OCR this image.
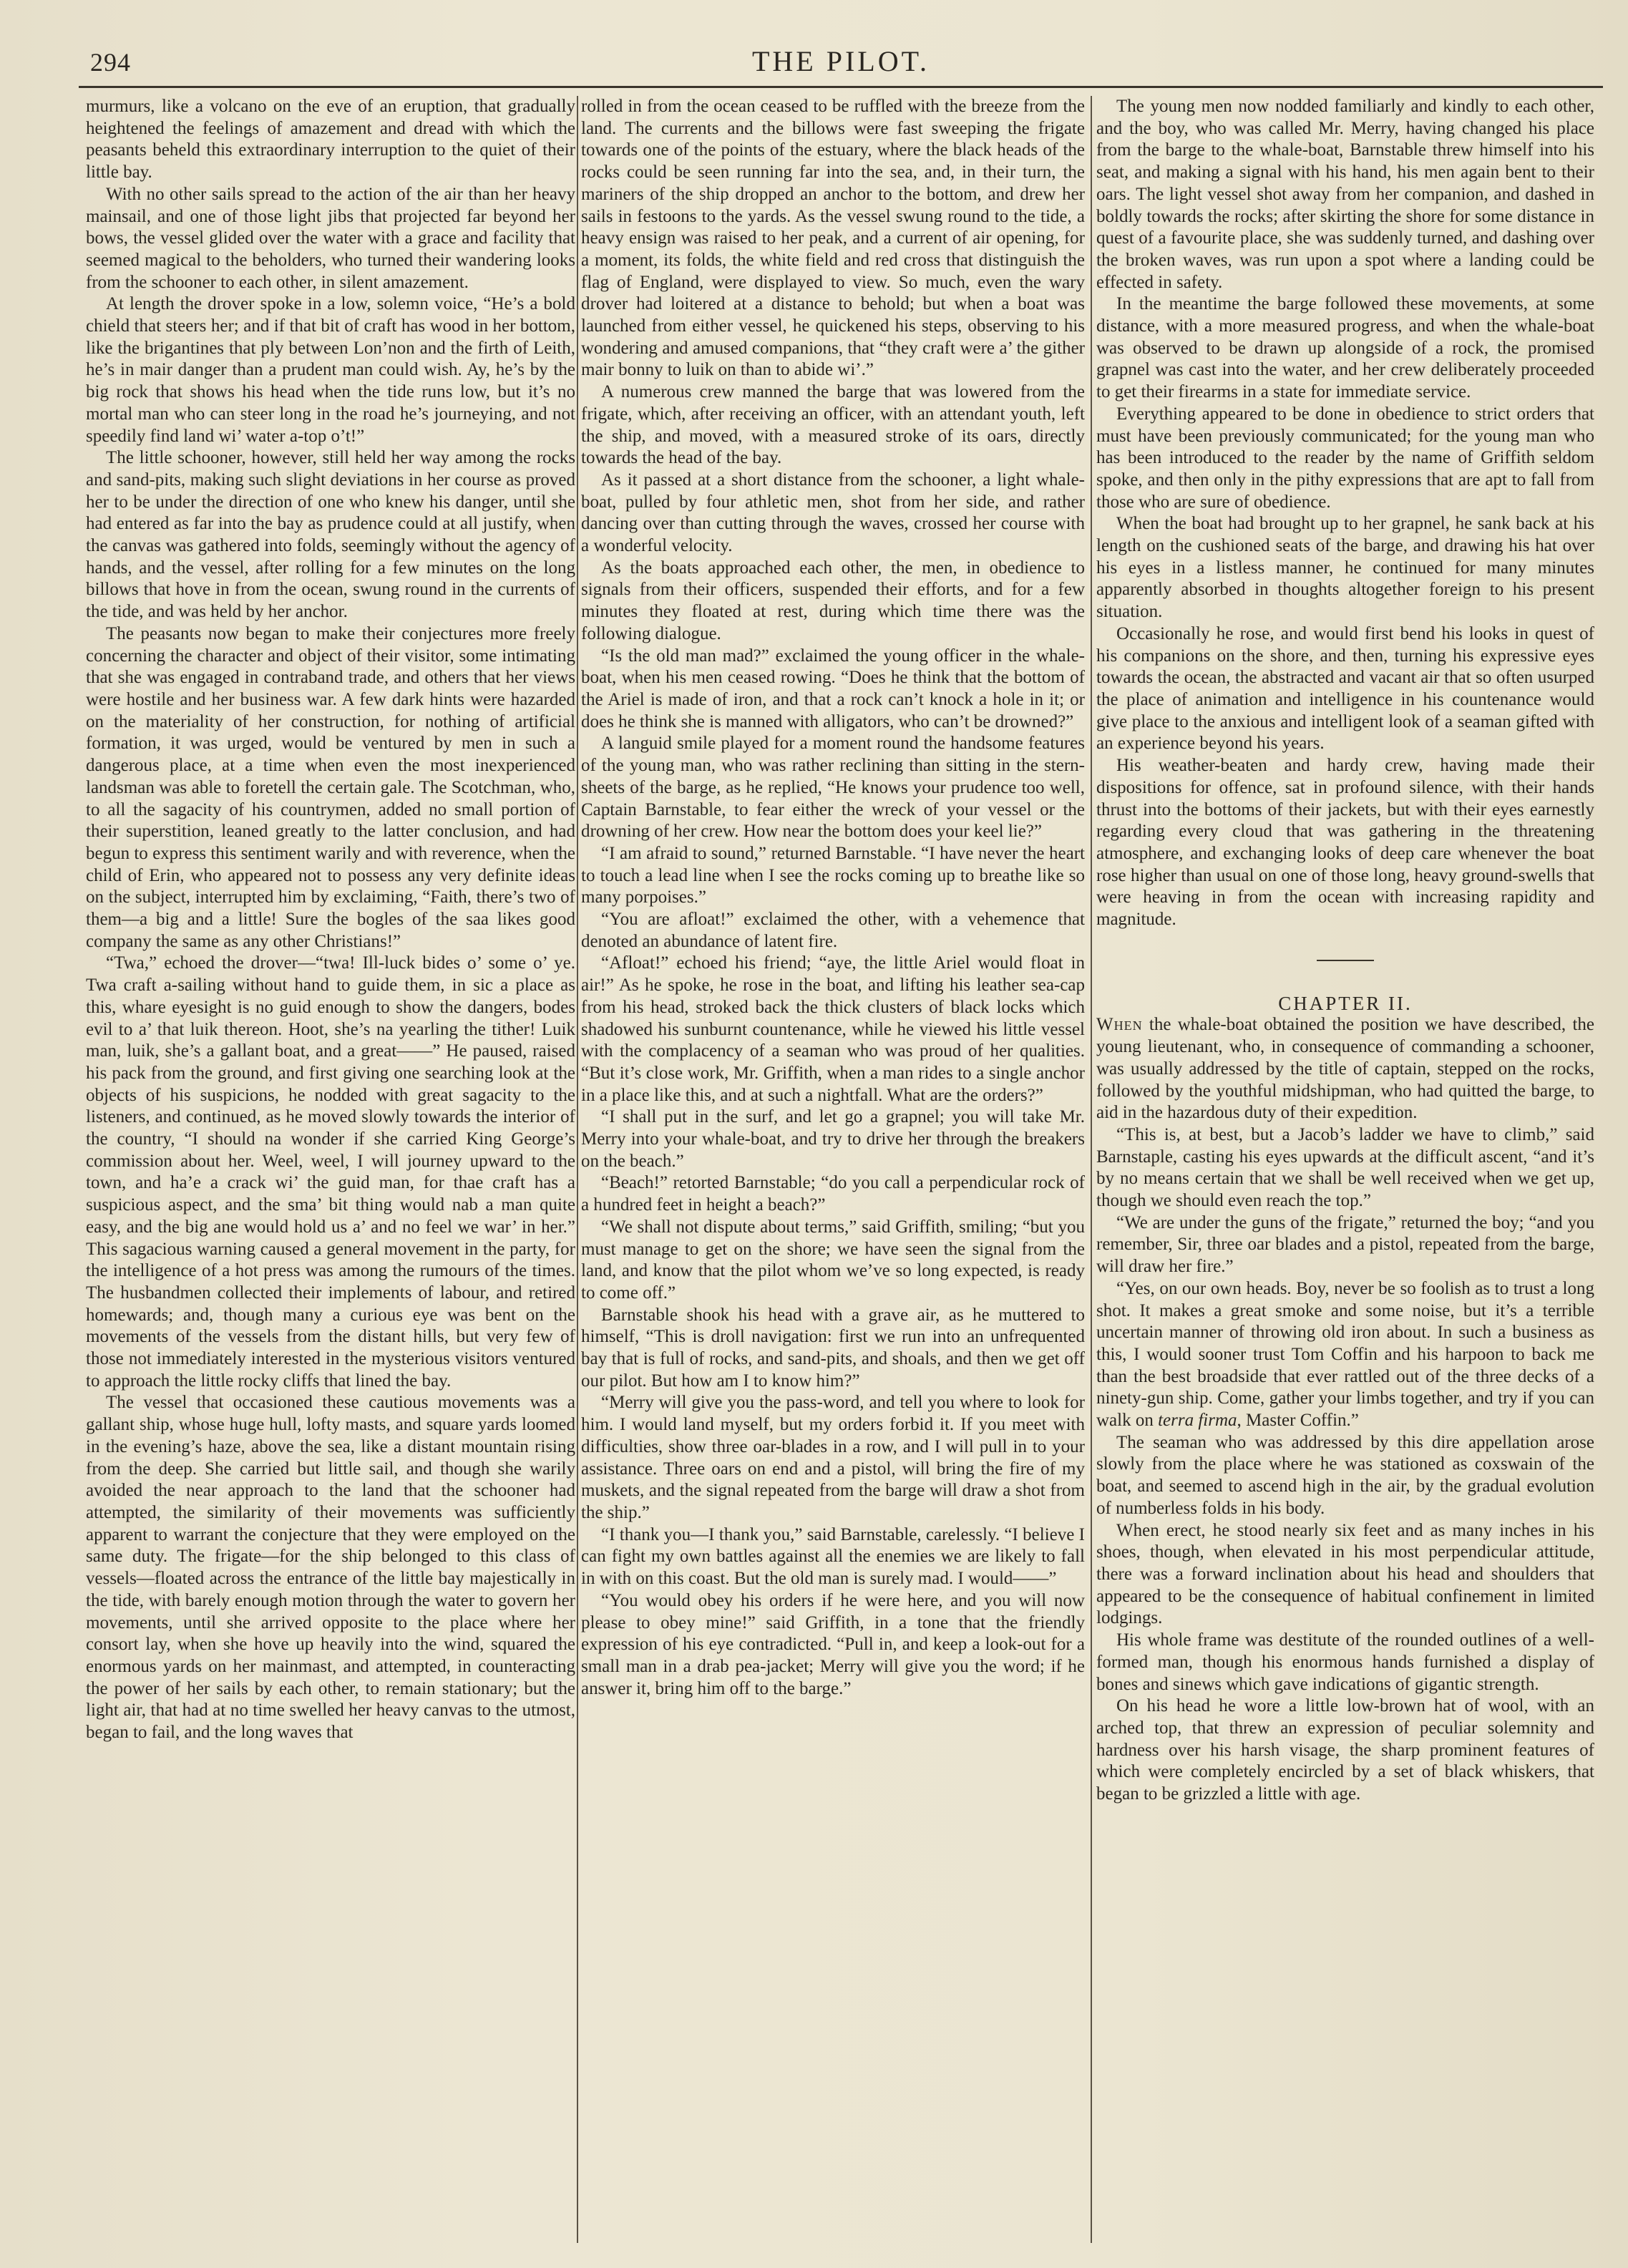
294	THE PILOT.

murmurs, like a volcano on the eve of an eruption, that gradually heightened the feelings of amazement and dread with which the peasants beheld this extraordinary interruption to the quiet of their little bay.

With no other sails spread to the action of the air than her heavy mainsail, and one of those light jibs that projected far beyond her bows, the vessel glided over the water with a grace and facility that seemed magical to the beholders, who turned their wandering looks from the schooner to each other, in silent amazement.

At length the drover spoke in a low, solemn voice, “He’s a bold chield that steers her; and if that bit of craft has wood in her bottom, like the brigantines that ply between Lon’non and the firth of Leith, he’s in mair danger than a prudent man could wish. Ay, he’s by the big rock that shows his head when the tide runs low, but it’s no mortal man who can steer long in the road he’s journeying, and not speedily find land wi’ water a-top o’t!”

The little schooner, however, still held her way among the rocks and sand-pits, making such slight deviations in her course as proved her to be under the direction of one who knew his danger, until she had entered as far into the bay as prudence could at all justify, when the canvas was gathered into folds, seemingly without the agency of hands, and the vessel, after rolling for a few minutes on the long billows that hove in from the ocean, swung round in the currents of the tide, and was held by her anchor.

The peasants now began to make their conjectures more freely concerning the character and object of their visitor, some intimating that she was engaged in contraband trade, and others that her views were hostile and her business war. A few dark hints were hazarded on the materiality of her construction, for nothing of artificial formation, it was urged, would be ventured by men in such a dangerous place, at a time when even the most inexperienced landsman was able to foretell the certain gale. The Scotchman, who, to all the sagacity of his countrymen, added no small portion of their superstition, leaned greatly to the latter conclusion, and had begun to express this sentiment warily and with reverence, when the child of Erin, who appeared not to possess any very definite ideas on the subject, interrupted him by exclaiming, “Faith, there’s two of them—a big and a little! Sure the bogles of the saa likes good company the same as any other Christians!”

“Twa,” echoed the drover—“twa! Ill-luck bides o’ some o’ ye. Twa craft a-sailing without hand to guide them, in sic a place as this, whare eyesight is no guid enough to show the dangers, bodes evil to a’ that luik thereon. Hoot, she’s na yearling the tither! Luik man, luik, she’s a gallant boat, and a great——” He paused, raised his pack from the ground, and first giving one searching look at the objects of his suspicions, he nodded with great sagacity to the listeners, and continued, as he moved slowly towards the interior of the country, “I should na wonder if she carried King George’s commission about her. Weel, weel, I will journey upward to the town, and ha’e a crack wi’ the guid man, for thae craft has a suspicious aspect, and the sma’ bit thing would nab a man quite easy, and the big ane would hold us a’ and no feel we war’ in her.” This sagacious warning caused a general movement in the party, for the intelligence of a hot press was among the rumours of the times. The husbandmen collected their implements of labour, and retired homewards; and, though many a curious eye was bent on the movements of the vessels from the distant hills, but very few of those not immediately interested in the mysterious visitors ventured to approach the little rocky cliffs that lined the bay.

The vessel that occasioned these cautious movements was a gallant ship, whose huge hull, lofty masts, and square yards loomed in the evening’s haze, above the sea, like a distant mountain rising from the deep. She carried but little sail, and though she warily avoided the near approach to the land that the schooner had attempted, the similarity of their movements was sufficiently apparent to warrant the conjecture that they were employed on the same duty. The frigate—for the ship belonged to this class of vessels—floated across the entrance of the little bay majestically in the tide, with barely enough motion through the water to govern her movements, until she arrived opposite to the place where her consort lay, when she hove up heavily into the wind, squared the enormous yards on her mainmast, and attempted, in counteracting the power of her sails by each other, to remain stationary; but the light air, that had at no time swelled her heavy canvas to the utmost, began to fail, and the long waves that

rolled in from the ocean ceased to be ruffled with the breeze from the land. The currents and the billows were fast sweeping the frigate towards one of the points of the estuary, where the black heads of the rocks could be seen running far into the sea, and, in their turn, the mariners of the ship dropped an anchor to the bottom, and drew her sails in festoons to the yards. As the vessel swung round to the tide, a heavy ensign was raised to her peak, and a current of air opening, for a moment, its folds, the white field and red cross that distinguish the flag of England, were displayed to view. So much, even the wary drover had loitered at a distance to behold; but when a boat was launched from either vessel, he quickened his steps, observing to his wondering and amused companions, that “they craft were a’ the gither mair bonny to luik on than to abide wi’.”

A numerous crew manned the barge that was lowered from the frigate, which, after receiving an officer, with an attendant youth, left the ship, and moved, with a measured stroke of its oars, directly towards the head of the bay.

As it passed at a short distance from the schooner, a light whale-boat, pulled by four athletic men, shot from her side, and rather dancing over than cutting through the waves, crossed her course with a wonderful velocity.

As the boats approached each other, the men, in obedience to signals from their officers, suspended their efforts, and for a few minutes they floated at rest, during which time there was the following dialogue.

“Is the old man mad?” exclaimed the young officer in the whale-boat, when his men ceased rowing. “Does he think that the bottom of the Ariel is made of iron, and that a rock can’t knock a hole in it; or does he think she is manned with alligators, who can’t be drowned?”

A languid smile played for a moment round the handsome features of the young man, who was rather reclining than sitting in the stern-sheets of the barge, as he replied, “He knows your prudence too well, Captain Barnstable, to fear either the wreck of your vessel or the drowning of her crew. How near the bottom does your keel lie?”

“I am afraid to sound,” returned Barnstable. “I have never the heart to touch a lead line when I see the rocks coming up to breathe like so many porpoises.”

“You are afloat!” exclaimed the other, with a vehemence that denoted an abundance of latent fire.

“Afloat!” echoed his friend; “aye, the little Ariel would float in air!” As he spoke, he rose in the boat, and lifting his leather sea-cap from his head, stroked back the thick clusters of black locks which shadowed his sunburnt countenance, while he viewed his little vessel with the complacency of a seaman who was proud of her qualities. “But it’s close work, Mr. Griffith, when a man rides to a single anchor in a place like this, and at such a nightfall. What are the orders?”

“I shall put in the surf, and let go a grapnel; you will take Mr. Merry into your whale-boat, and try to drive her through the breakers on the beach.”

“Beach!” retorted Barnstable; “do you call a perpendicular rock of a hundred feet in height a beach?”

“We shall not dispute about terms,” said Griffith, smiling; “but you must manage to get on the shore; we have seen the signal from the land, and know that the pilot whom we’ve so long expected, is ready to come off.”

Barnstable shook his head with a grave air, as he muttered to himself, “This is droll navigation: first we run into an unfrequented bay that is full of rocks, and sand-pits, and shoals, and then we get off our pilot. But how am I to know him?”

“Merry will give you the pass-word, and tell you where to look for him. I would land myself, but my orders forbid it. If you meet with difficulties, show three oar-blades in a row, and I will pull in to your assistance. Three oars on end and a pistol, will bring the fire of my muskets, and the signal repeated from the barge will draw a shot from the ship.”

“I thank you—I thank you,” said Barnstable, carelessly. “I believe I can fight my own battles against all the enemies we are likely to fall in with on this coast. But the old man is surely mad. I would——”

“You would obey his orders if he were here, and you will now please to obey mine!” said Griffith, in a tone that the friendly expression of his eye contradicted. “Pull in, and keep a look-out for a small man in a drab pea-jacket; Merry will give you the word; if he answer it, bring him off to the barge.”

The young men now nodded familiarly and kindly to each other, and the boy, who was called Mr. Merry, having changed his place from the barge to the whale-boat, Barnstable threw himself into his seat, and making a signal with his hand, his men again bent to their oars. The light vessel shot away from her companion, and dashed in boldly towards the rocks; after skirting the shore for some distance in quest of a favourite place, she was suddenly turned, and dashing over the broken waves, was run upon a spot where a landing could be effected in safety.

In the meantime the barge followed these movements, at some distance, with a more measured progress, and when the whale-boat was observed to be drawn up alongside of a rock, the promised grapnel was cast into the water, and her crew deliberately proceeded to get their firearms in a state for immediate service.

Everything appeared to be done in obedience to strict orders that must have been previously communicated; for the young man who has been introduced to the reader by the name of Griffith seldom spoke, and then only in the pithy expressions that are apt to fall from those who are sure of obedience.

When the boat had brought up to her grapnel, he sank back at his length on the cushioned seats of the barge, and drawing his hat over his eyes in a listless manner, he continued for many minutes apparently absorbed in thoughts altogether foreign to his present situation.

Occasionally he rose, and would first bend his looks in quest of his companions on the shore, and then, turning his expressive eyes towards the ocean, the abstracted and vacant air that so often usurped the place of animation and intelligence in his countenance would give place to the anxious and intelligent look of a seaman gifted with an experience beyond his years.

His weather-beaten and hardy crew, having made their dispositions for offence, sat in profound silence, with their hands thrust into the bottoms of their jackets, but with their eyes earnestly regarding every cloud that was gathering in the threatening atmosphere, and exchanging looks of deep care whenever the boat rose higher than usual on one of those long, heavy ground-swells that were heaving in from the ocean with increasing rapidity and magnitude.

CHAPTER II.

When the whale-boat obtained the position we have described, the young lieutenant, who, in consequence of commanding a schooner, was usually addressed by the title of captain, stepped on the rocks, followed by the youthful midshipman, who had quitted the barge, to aid in the hazardous duty of their expedition.

“This is, at best, but a Jacob’s ladder we have to climb,” said Barnstaple, casting his eyes upwards at the difficult ascent, “and it’s by no means certain that we shall be well received when we get up, though we should even reach the top.”

“We are under the guns of the frigate,” returned the boy; “and you remember, Sir, three oar blades and a pistol, repeated from the barge, will draw her fire.”

“Yes, on our own heads. Boy, never be so foolish as to trust a long shot. It makes a great smoke and some noise, but it’s a terrible uncertain manner of throwing old iron about. In such a business as this, I would sooner trust Tom Coffin and his harpoon to back me than the best broadside that ever rattled out of the three decks of a ninety-gun ship. Come, gather your limbs together, and try if you can walk on terra firma, Master Coffin.”

The seaman who was addressed by this dire appellation arose slowly from the place where he was stationed as coxswain of the boat, and seemed to ascend high in the air, by the gradual evolution of numberless folds in his body.

When erect, he stood nearly six feet and as many inches in his shoes, though, when elevated in his most perpendicular attitude, there was a forward inclination about his head and shoulders that appeared to be the consequence of habitual confinement in limited lodgings.

His whole frame was destitute of the rounded outlines of a well-formed man, though his enormous hands furnished a display of bones and sinews which gave indications of gigantic strength.

On his head he wore a little low-brown hat of wool, with an arched top, that threw an expression of peculiar solemnity and hardness over his harsh visage, the sharp prominent features of which were completely encircled by a set of black whiskers, that began to be grizzled a little with age.
